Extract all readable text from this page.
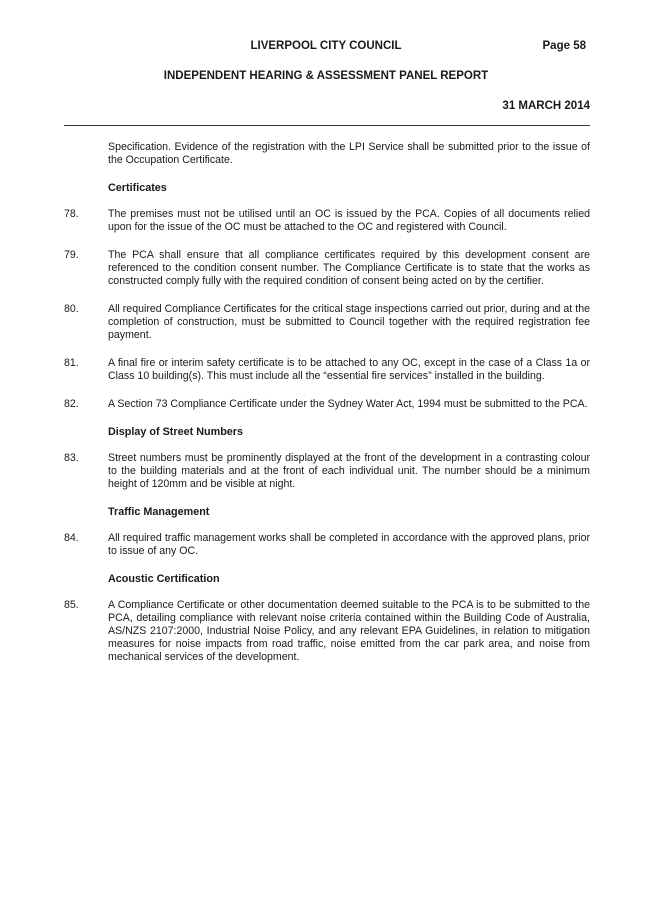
LIVERPOOL CITY COUNCIL	Page 58
INDEPENDENT HEARING & ASSESSMENT PANEL REPORT
31 MARCH 2014

Specification. Evidence of the registration with the LPI Service shall be submitted prior to the issue of the Occupation Certificate.

Certificates
78.	The premises must not be utilised until an OC is issued by the PCA. Copies of all documents relied upon for the issue of the OC must be attached to the OC and registered with Council.
79.	The PCA shall ensure that all compliance certificates required by this development consent are referenced to the condition consent number. The Compliance Certificate is to state that the works as constructed comply fully with the required condition of consent being acted on by the certifier.
80.	All required Compliance Certificates for the critical stage inspections carried out prior, during and at the completion of construction, must be submitted to Council together with the required registration fee payment.
81.	A final fire or interim safety certificate is to be attached to any OC, except in the case of a Class 1a or Class 10 building(s). This must include all the “essential fire services” installed in the building.
82.	A Section 73 Compliance Certificate under the Sydney Water Act, 1994 must be submitted to the PCA.
Display of Street Numbers
83.	Street numbers must be prominently displayed at the front of the development in a contrasting colour to the building materials and at the front of each individual unit. The number should be a minimum height of 120mm and be visible at night.
Traffic Management
84.	All required traffic management works shall be completed in accordance with the approved plans, prior to issue of any OC.
Acoustic Certification
85.	A Compliance Certificate or other documentation deemed suitable to the PCA is to be submitted to the PCA, detailing compliance with relevant noise criteria contained within the Building Code of Australia, AS/NZS 2107:2000, Industrial Noise Policy, and any relevant EPA Guidelines, in relation to mitigation measures for noise impacts from road traffic, noise emitted from the car park area, and noise from mechanical services of the development.
